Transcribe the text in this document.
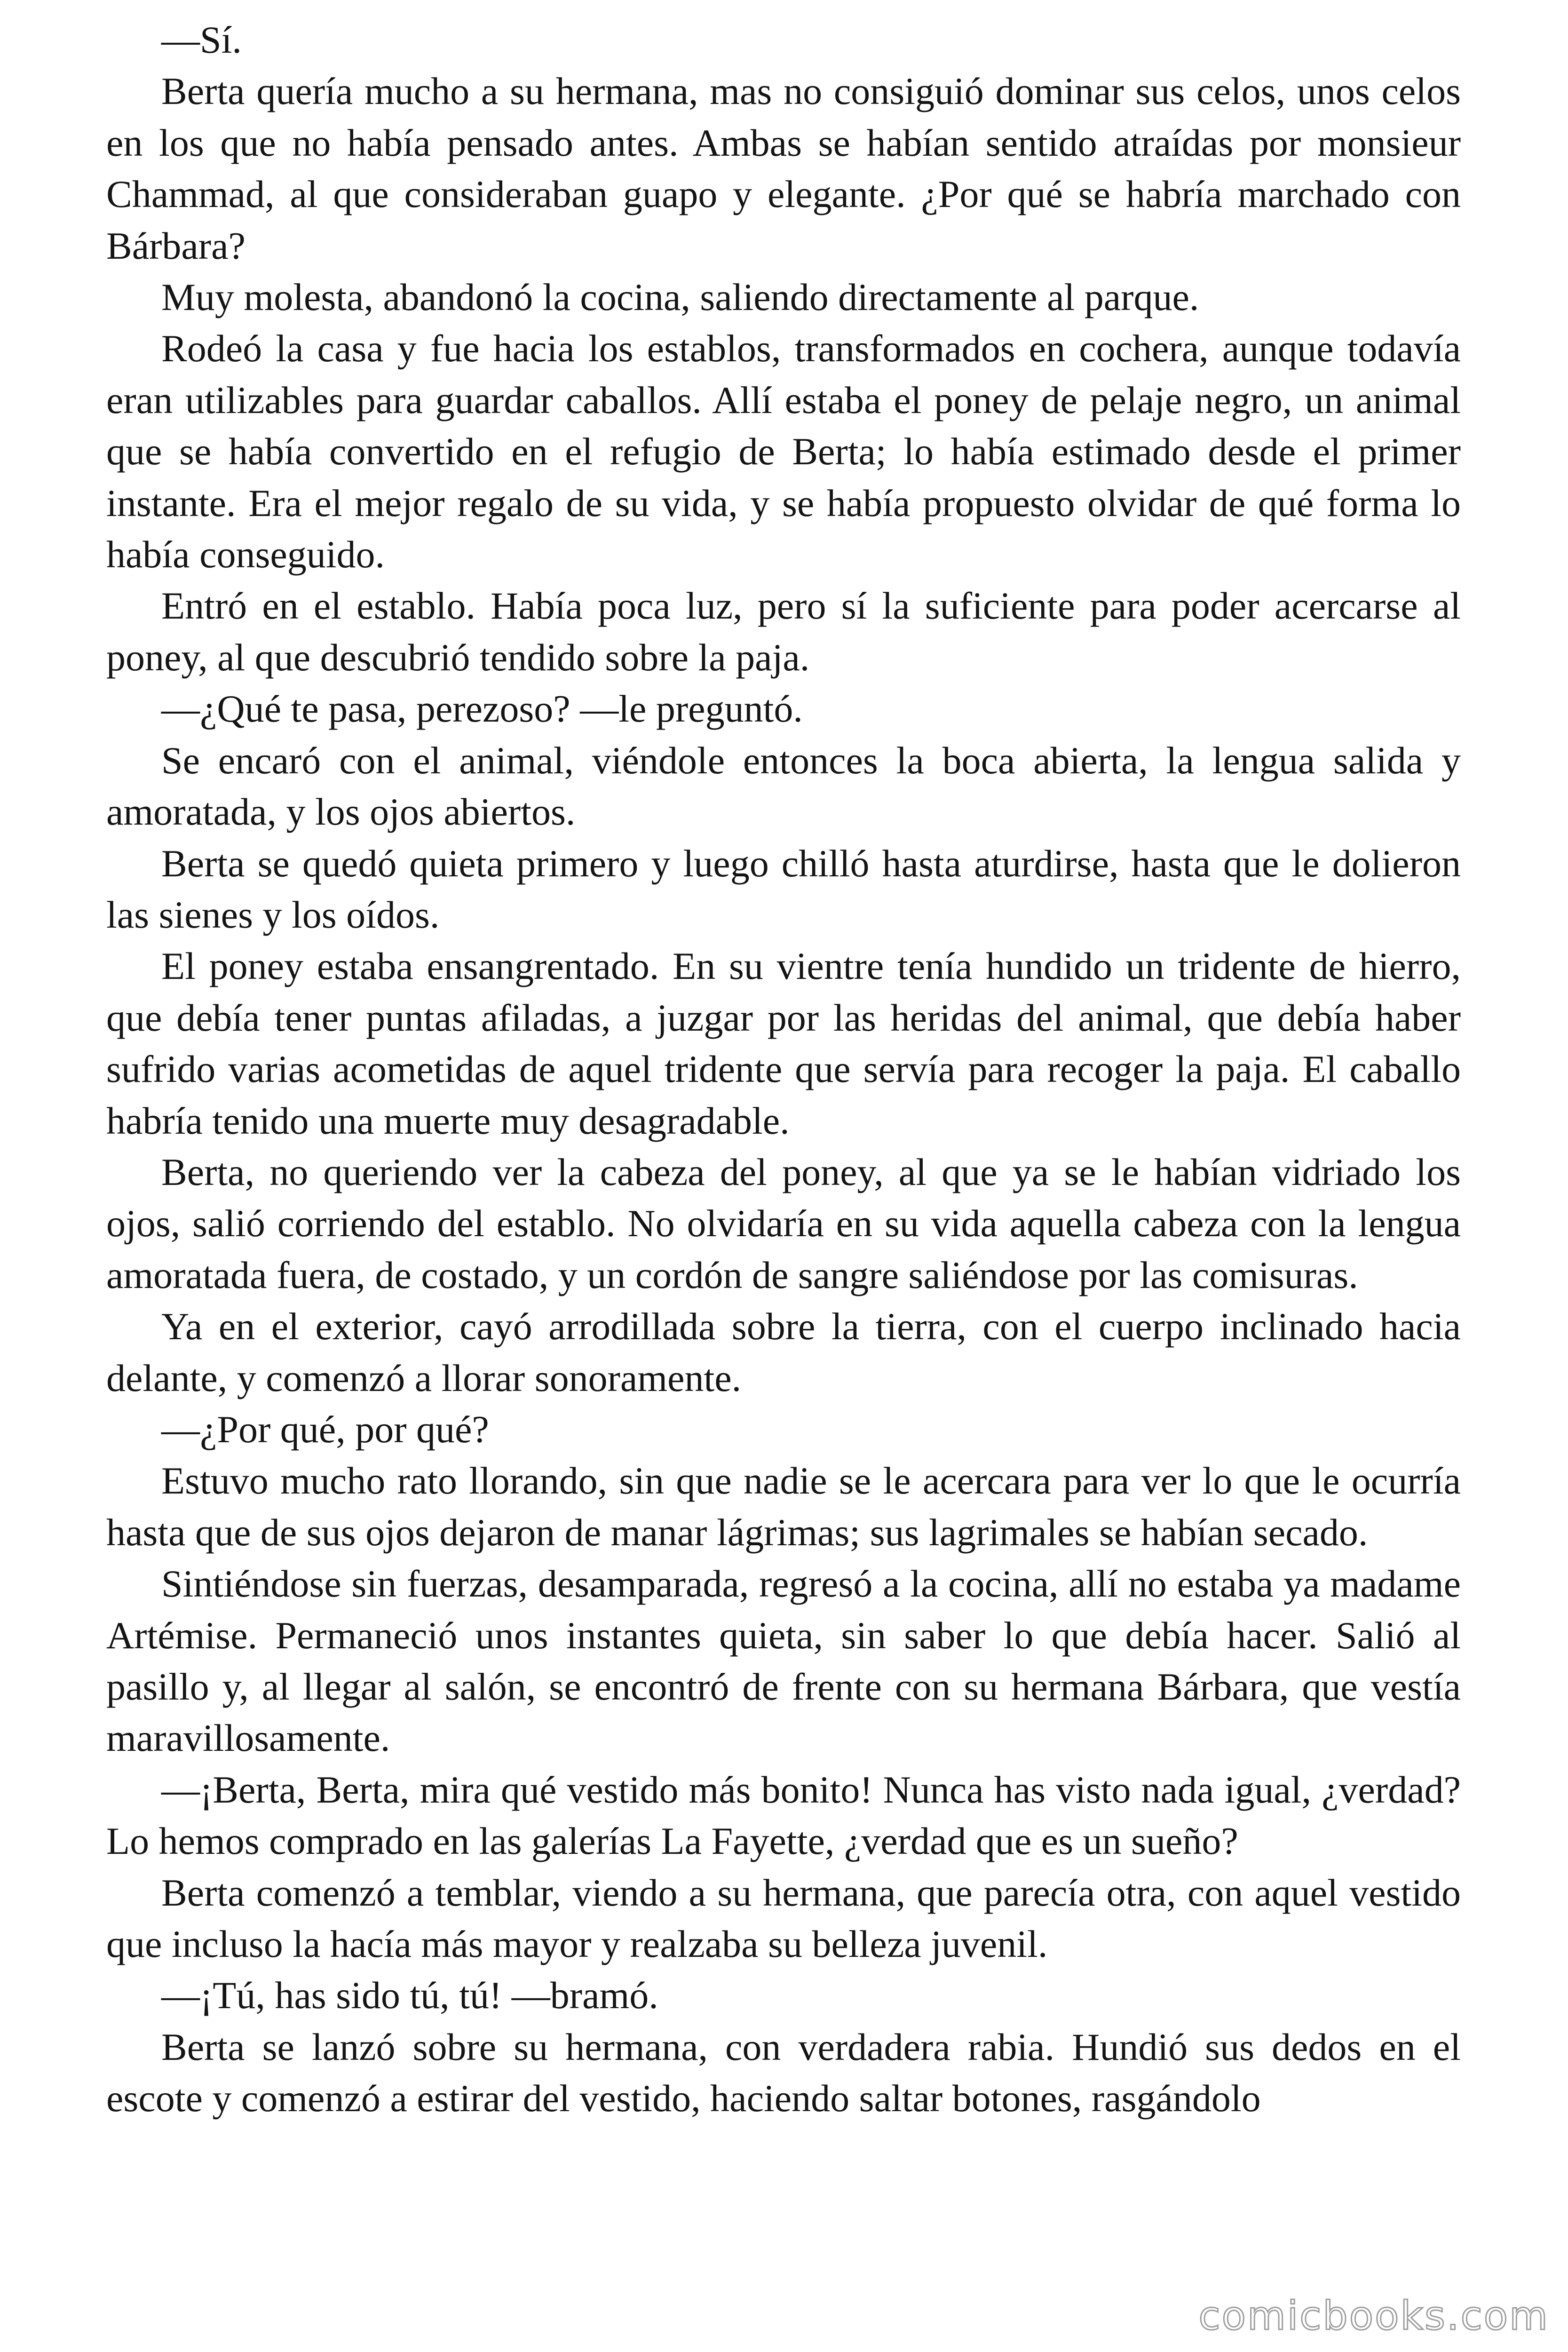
—Sí.

Berta quería mucho a su hermana, mas no consiguió dominar sus celos, unos celos en los que no había pensado antes. Ambas se habían sentido atraídas por monsieur Chammad, al que consideraban guapo y elegante. ¿Por qué se habría marchado con Bárbara?

Muy molesta, abandonó la cocina, saliendo directamente al parque.

Rodeó la casa y fue hacia los establos, transformados en cochera, aunque todavía eran utilizables para guardar caballos. Allí estaba el poney de pelaje negro, un animal que se había convertido en el refugio de Berta; lo había estimado desde el primer instante. Era el mejor regalo de su vida, y se había propuesto olvidar de qué forma lo había conseguido.

Entró en el establo. Había poca luz, pero sí la suficiente para poder acercarse al poney, al que descubrió tendido sobre la paja.

—¿Qué te pasa, perezoso? —le preguntó.

Se encaró con el animal, viéndole entonces la boca abierta, la lengua salida y amoratada, y los ojos abiertos.

Berta se quedó quieta primero y luego chilló hasta aturdirse, hasta que le dolieron las sienes y los oídos.

El poney estaba ensangrentado. En su vientre tenía hundido un tridente de hierro, que debía tener puntas afiladas, a juzgar por las heridas del animal, que debía haber sufrido varias acometidas de aquel tridente que servía para recoger la paja. El caballo habría tenido una muerte muy desagradable.

Berta, no queriendo ver la cabeza del poney, al que ya se le habían vidriado los ojos, salió corriendo del establo. No olvidaría en su vida aquella cabeza con la lengua amoratada fuera, de costado, y un cordón de sangre saliéndose por las comisuras.

Ya en el exterior, cayó arrodillada sobre la tierra, con el cuerpo inclinado hacia delante, y comenzó a llorar sonoramente.

—¿Por qué, por qué?

Estuvo mucho rato llorando, sin que nadie se le acercara para ver lo que le ocurría hasta que de sus ojos dejaron de manar lágrimas; sus lagrimales se habían secado.

Sintiéndose sin fuerzas, desamparada, regresó a la cocina, allí no estaba ya madame Artémise. Permaneció unos instantes quieta, sin saber lo que debía hacer. Salió al pasillo y, al llegar al salón, se encontró de frente con su hermana Bárbara, que vestía maravillosamente.

—¡Berta, Berta, mira qué vestido más bonito! Nunca has visto nada igual, ¿verdad? Lo hemos comprado en las galerías La Fayette, ¿verdad que es un sueño?

Berta comenzó a temblar, viendo a su hermana, que parecía otra, con aquel vestido que incluso la hacía más mayor y realzaba su belleza juvenil.

—¡Tú, has sido tú, tú! —bramó.

Berta se lanzó sobre su hermana, con verdadera rabia. Hundió sus dedos en el escote y comenzó a estirar del vestido, haciendo saltar botones, rasgándolo

comicbooks.com
